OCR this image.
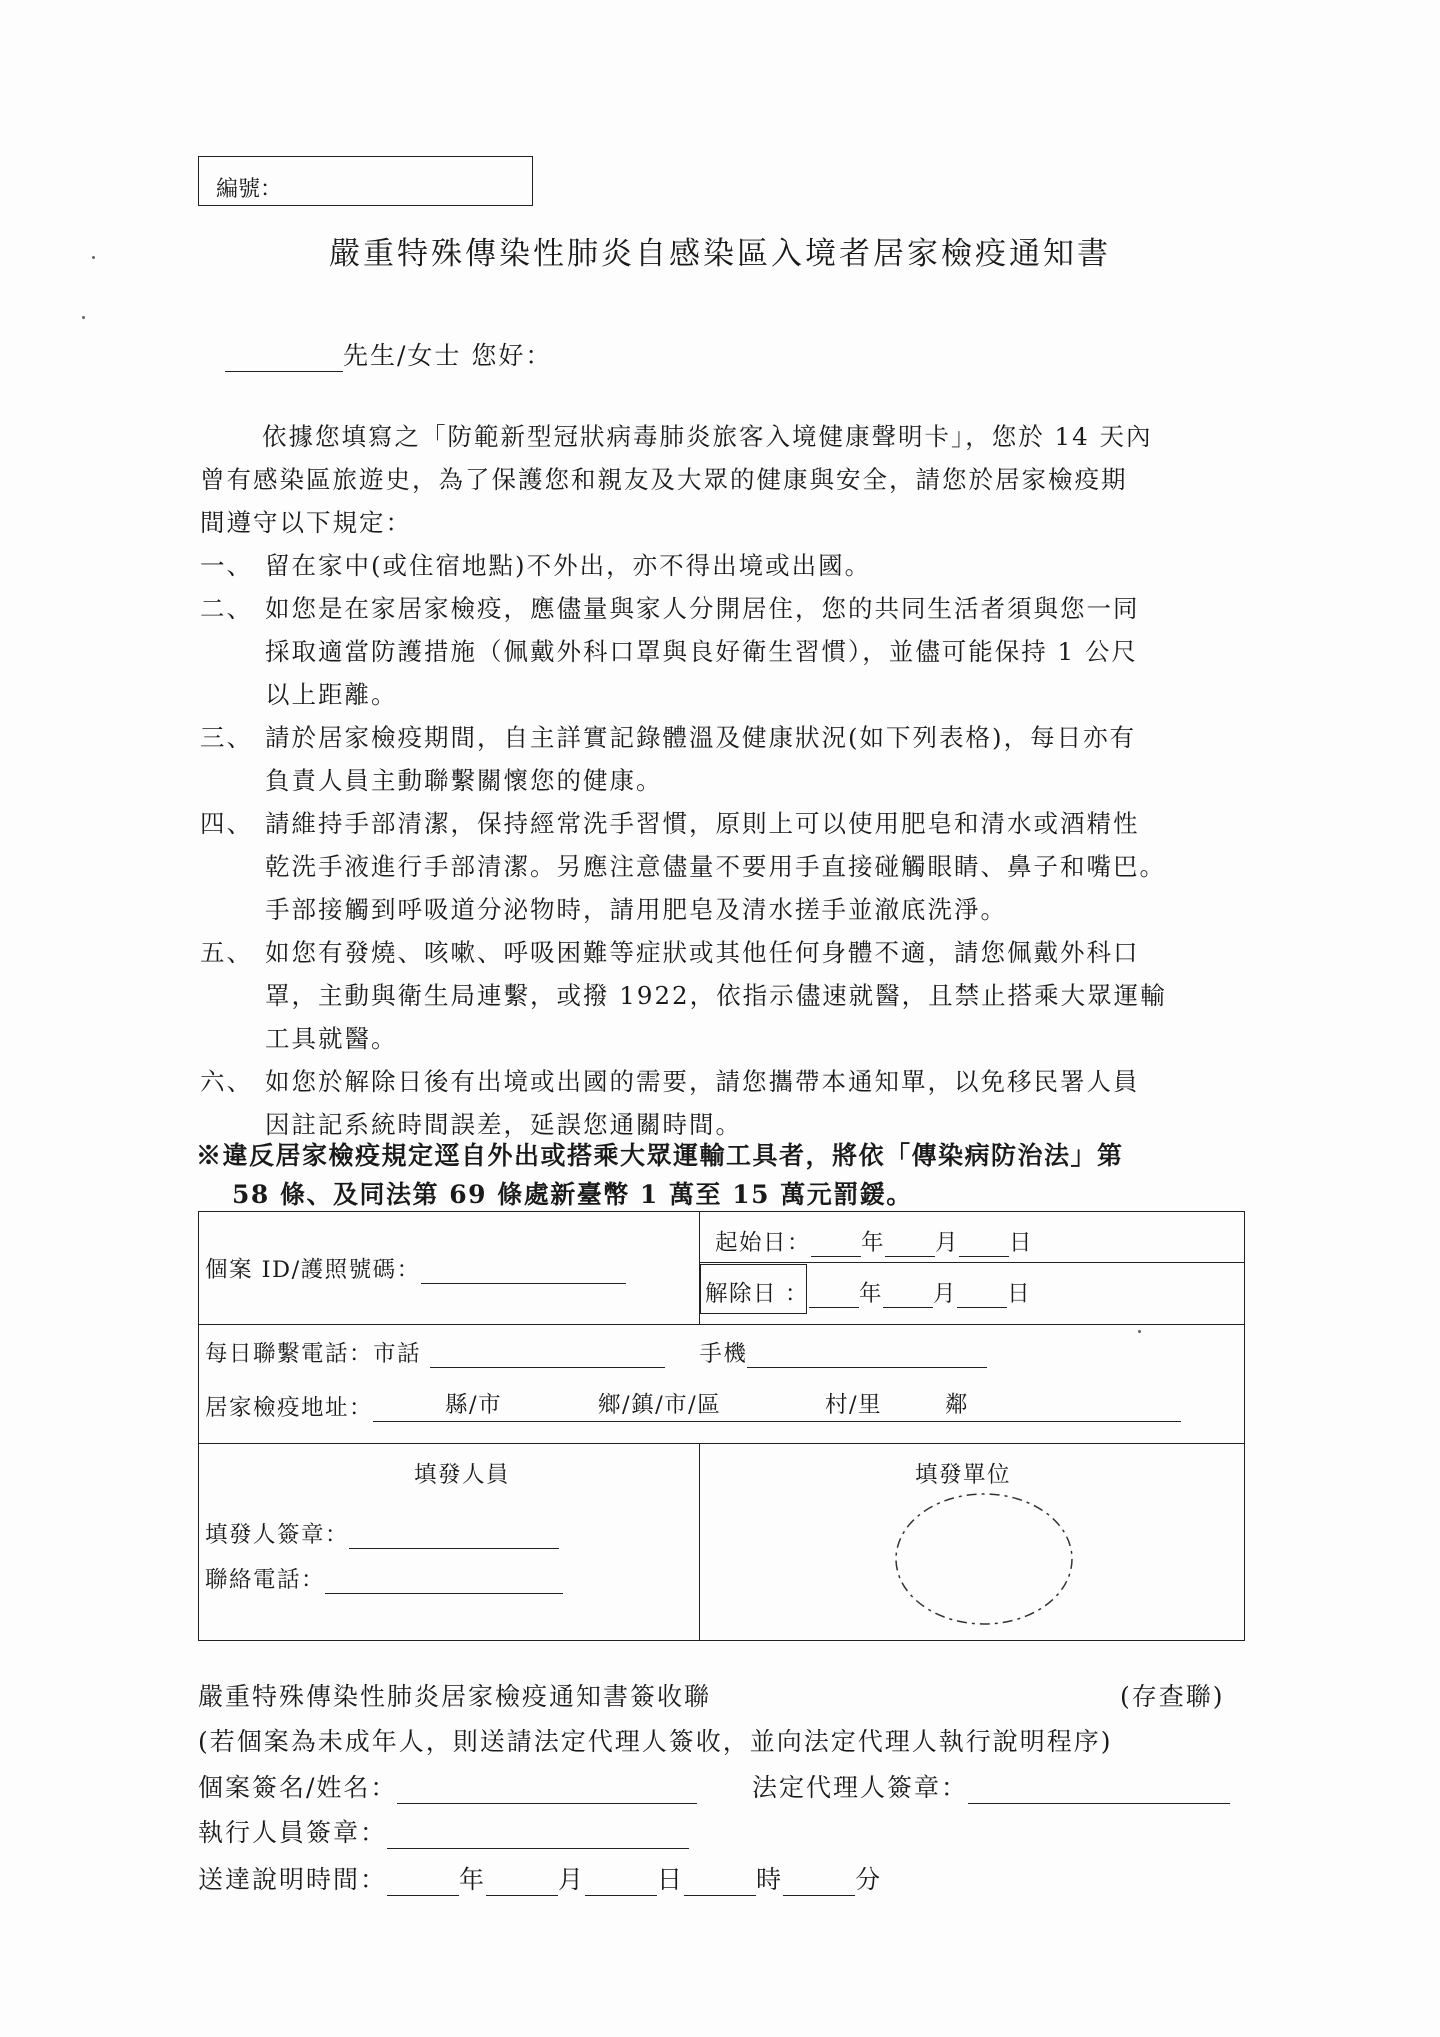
編號：
嚴重特殊傳染性肺炎自感染區入境者居家檢疫通知書
先生/女士 您好：
依據您填寫之「防範新型冠狀病毒肺炎旅客入境健康聲明卡」，您於 14 天內
曾有感染區旅遊史，為了保護您和親友及大眾的健康與安全，請您於居家檢疫期
間遵守以下規定：
一、 留在家中(或住宿地點)不外出，亦不得出境或出國。
二、 如您是在家居家檢疫，應儘量與家人分開居住，您的共同生活者須與您一同
採取適當防護措施（佩戴外科口罩與良好衛生習慣），並儘可能保持 1 公尺
以上距離。
三、 請於居家檢疫期間，自主詳實記錄體溫及健康狀況(如下列表格)，每日亦有
負責人員主動聯繫關懷您的健康。
四、 請維持手部清潔，保持經常洗手習慣，原則上可以使用肥皂和清水或酒精性
乾洗手液進行手部清潔。另應注意儘量不要用手直接碰觸眼睛、鼻子和嘴巴。
手部接觸到呼吸道分泌物時，請用肥皂及清水搓手並澈底洗淨。
五、 如您有發燒、咳嗽、呼吸困難等症狀或其他任何身體不適，請您佩戴外科口
罩，主動與衛生局連繫，或撥 1922，依指示儘速就醫，且禁止搭乘大眾運輸
工具就醫。
六、 如您於解除日後有出境或出國的需要，請您攜帶本通知單，以免移民署人員
因註記系統時間誤差，延誤您通關時間。
※違反居家檢疫規定逕自外出或搭乘大眾運輸工具者，將依「傳染病防治法」第
58 條、及同法第 69 條處新臺幣 1 萬至 15 萬元罰鍰。
個案 ID/護照號碼：
起始日： 年 月 日
解除日 ： 年 月 日
每日聯繫電話：市話	手機
居家檢疫地址：	縣/市	鄉/鎮/市/區	村/里	鄰
填發人員
填發人簽章：
聯絡電話：
填發單位
嚴重特殊傳染性肺炎居家檢疫通知書簽收聯	(存查聯)
(若個案為未成年人，則送請法定代理人簽收，並向法定代理人執行說明程序)
個案簽名/姓名：	法定代理人簽章：
執行人員簽章：
送達說明時間：	年	月	日	時	分
